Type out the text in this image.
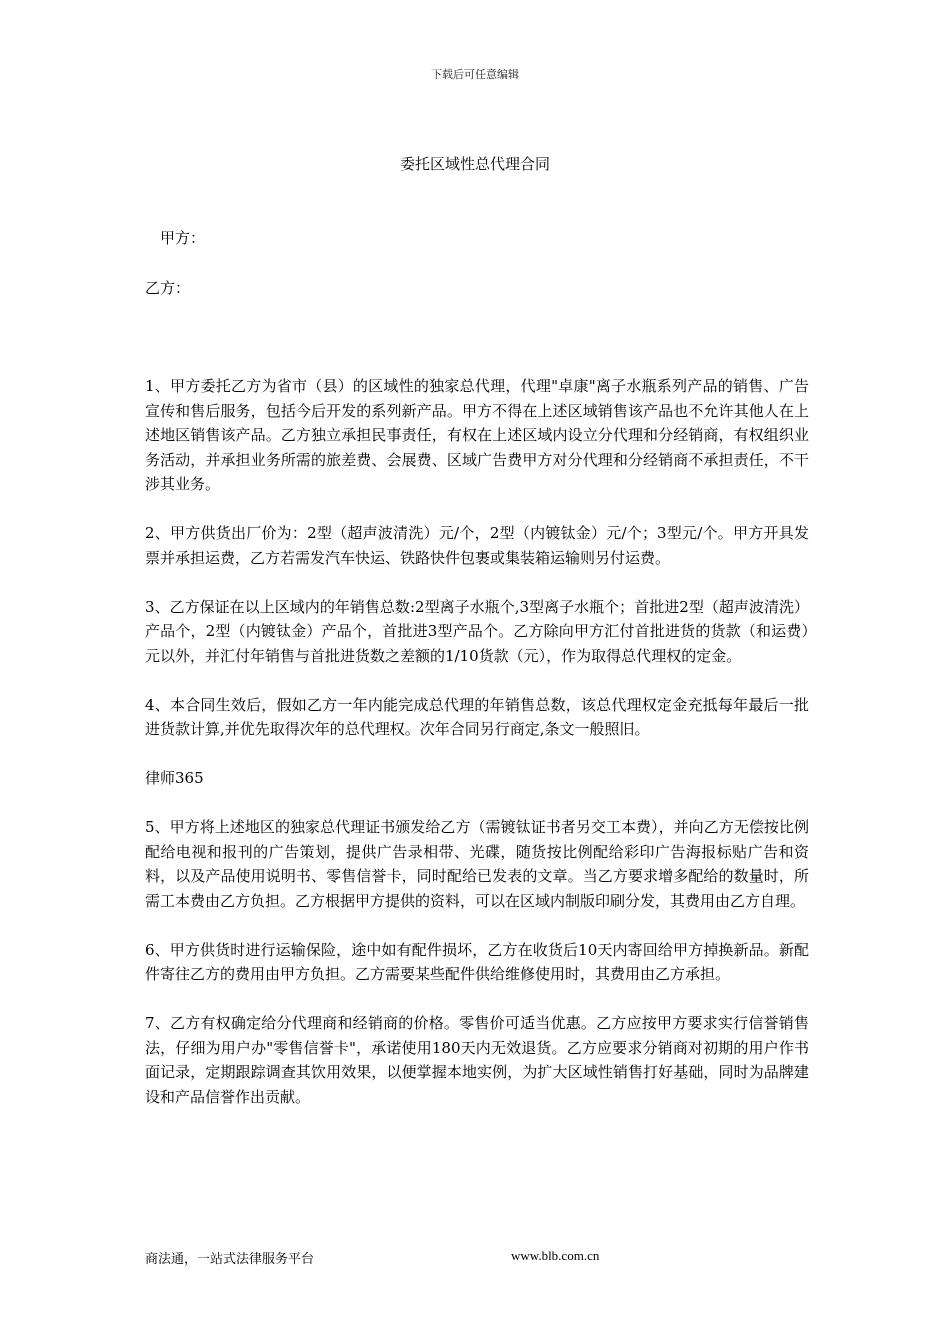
下载后可任意编辑
委托区域性总代理合同
甲方：
乙方：

1、甲方委托乙方为省市（县）的区域性的独家总代理，代理"卓康"离子水瓶系列产品的销售、广告宣传和售后服务，包括今后开发的系列新产品。甲方不得在上述区域销售该产品也不允许其他人在上述地区销售该产品。乙方独立承担民事责任，有权在上述区域内设立分代理和分经销商，有权组织业务活动，并承担业务所需的旅差费、会展费、区域广告费甲方对分代理和分经销商不承担责任，不干涉其业务。

2、甲方供货出厂价为：2型（超声波清洗）元/个，2型（内镀钛金）元/个；3型元/个。甲方开具发票并承担运费，乙方若需发汽车快运、铁路快件包裹或集装箱运输则另付运费。

3、乙方保证在以上区域内的年销售总数:2型离子水瓶个,3型离子水瓶个；首批进2型（超声波清洗）产品个，2型（内镀钛金）产品个，首批进3型产品个。乙方除向甲方汇付首批进货的货款（和运费）元以外，并汇付年销售与首批进货数之差额的1/10货款（元），作为取得总代理权的定金。

4、本合同生效后，假如乙方一年内能完成总代理的年销售总数，该总代理权定金充抵每年最后一批进货款计算,并优先取得次年的总代理权。次年合同另行商定,条文一般照旧。

律师365

5、甲方将上述地区的独家总代理证书颁发给乙方（需镀钛证书者另交工本费），并向乙方无偿按比例配给电视和报刊的广告策划，提供广告录相带、光碟，随货按比例配给彩印广告海报标贴广告和资料，以及产品使用说明书、零售信誉卡，同时配给已发表的文章。当乙方要求增多配给的数量时，所需工本费由乙方负担。乙方根据甲方提供的资料，可以在区域内制版印刷分发，其费用由乙方自理。

6、甲方供货时进行运输保险，途中如有配件损坏，乙方在收货后10天内寄回给甲方掉换新品。新配件寄往乙方的费用由甲方负担。乙方需要某些配件供给维修使用时，其费用由乙方承担。

7、乙方有权确定给分代理商和经销商的价格。零售价可适当优惠。乙方应按甲方要求实行信誉销售法，仔细为用户办"零售信誉卡"，承诺使用180天内无效退货。乙方应要求分销商对初期的用户作书面记录，定期跟踪调查其饮用效果，以便掌握本地实例，为扩大区域性销售打好基础，同时为品牌建设和产品信誉作出贡献。

商法通，一站式法律服务平台	www.blb.com.cn
